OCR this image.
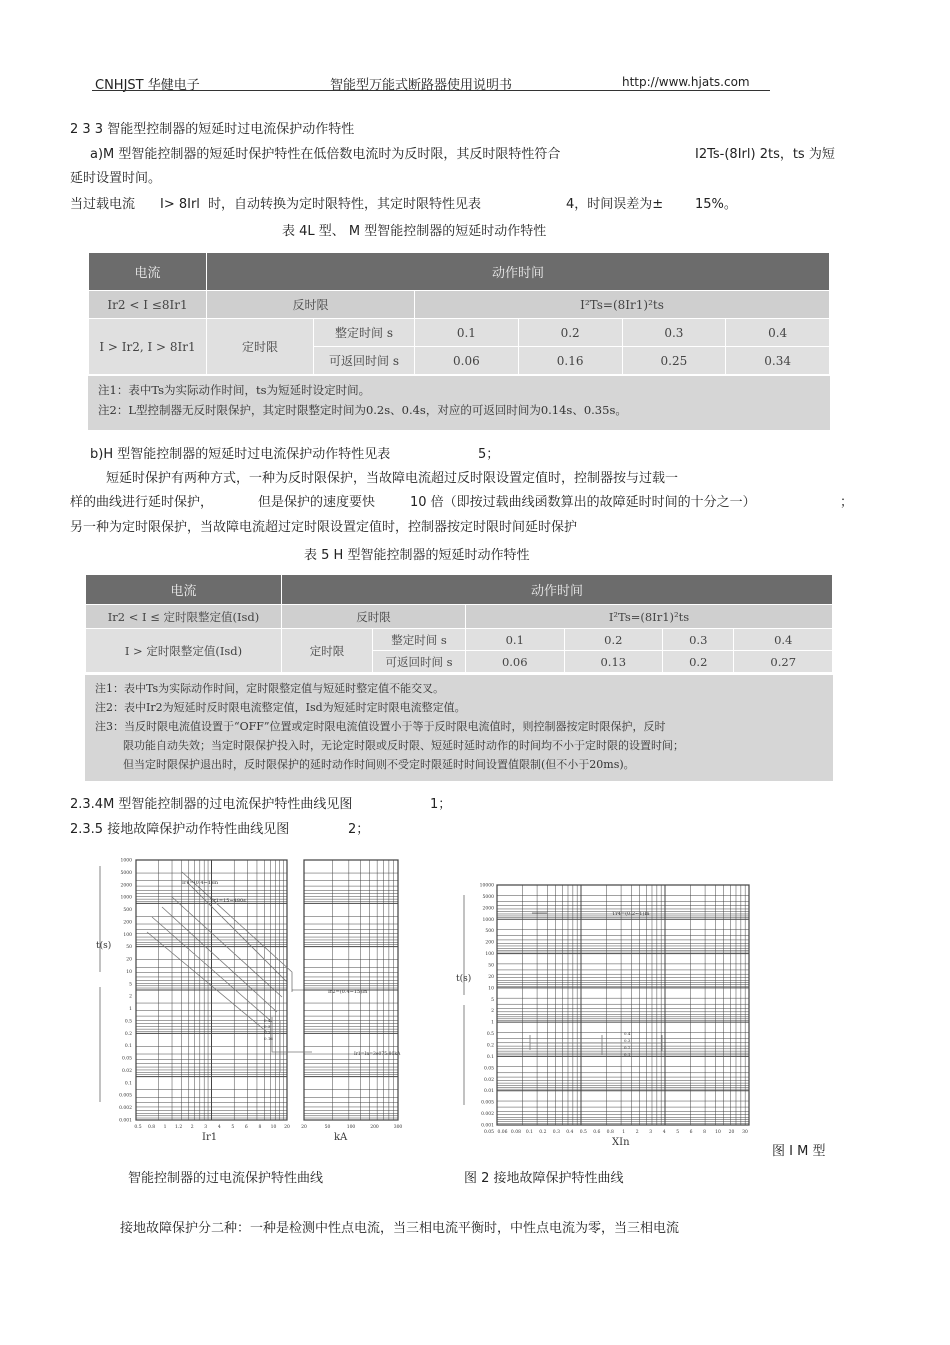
CNHJST 华健电子	智能型万能式断路器使用说明书	http://www.hjats.com
2 3 3 智能型控制器的短延时过电流保护动作特性
a)M 型智能控制器的短延时保护特性在低倍数电流时为反时限，其反时限特性符合	I2Ts-(8Irl) 2ts，ts 为短
延时设置时间。
当过载电流 I> 8Irl 时，自动转换为定时限特性，其定时限特性见表	4，时间误差为± 15%。
表 4L 型、 M 型智能控制器的短延时动作特性
电流	动作时间					
Ir2 < I ≤8Ir1	反时限		I²Ts=(8Ir1)²ts			
I > Ir2, I > 8Ir1	定时限	整定时间 s	0.1	0.2	0.3	0.4
		可返回时间 s	0.06	0.16	0.25	0.34
注1：表中Ts为实际动作时间，ts为短延时设定时间。
注2：L型控制器无反时限保护，其定时限整定时间为0.2s、0.4s，对应的可返回时间为0.14s、0.35s。
b)H 型智能控制器的短延时过电流保护动作特性见表	5；
短延时保护有两种方式，一种为反时限保护，当故障电流超过反时限设置定值时，控制器按与过载一
样的曲线进行延时保护，	但是保护的速度要快	10 倍（即按过载曲线函数算出的故障延时时间的十分之一）	；
另一种为定时限保护，当故障电流超过定时限设置定值时，控制器按定时限时间延时保护
表 5 H 型智能控制器的短延时动作特性
电流	动作时间					
Ir2 < I ≤ 定时限整定值(Isd)	反时限		I²Ts=(8Ir1)²ts			
I > 定时限整定值(Isd)	定时限	整定时间 s	0.1	0.2	0.3	0.4
		可返回时间 s	0.06	0.13	0.2	0.27
注1：表中Ts为实际动作时间，定时限整定值与短延时整定值不能交叉。
注2：表中Ir2为短延时反时限电流整定值，Isd为短延时定时限电流整定值。
注3：当反时限电流值设置于“OFF”位置或定时限电流值设置小于等于反时限电流值时，则控制器按定时限保护，反时
限功能自动失效；当定时限保护投入时，无论定时限或反时限、短延时延时动作的时间均不小于定时限的设置时间；
但当定时限保护退出时，反时限保护的延时动作时间则不受定时限延时时间设置值限制(但不小于20ms)。
2.3.4M 型智能控制器的过电流保护特性曲线见图	1；
2.3.5 接地故障保护动作特性曲线见图	2；
t(s)
Ir1	kA
Ir1=(0.4~1)In
Tr1=15~480s
Ir2=(0.4~15)In
Ir1=In=3e075:80kA
1000
5000
2000
1000
500
200
100
50
20
10
5
2
1
0.5
0.2
0.1
0.05
0.02
0.1
0.005
0.002
0.001
0.5 0.8 1 1.2 2 3 4 5 6 8 10 20	20	50	100	200	300
0.4
0.3
0.2
0.16
图 I M 型
智能控制器的过电流保护特性曲线
t(s)
XIn
Tr4=(0.2~1)In
10000
5000
2000
1000
500
200
100
50
20
10
5
2
1
0.5
0.2
0.1
0.05
0.02
0.01
0.005
0.002
0.001
0.05 0.06 0.08 0.1 0.2 0.3 0.4 0.5 0.6 0.8 1 2 3 4 5 6 8 10 20 30
0.4
0.3
0.2
0.1
图 2 接地故障保护特性曲线
接地故障保护分二种：一种是检测中性点电流，当三相电流平衡时，中性点电流为零，当三相电流
